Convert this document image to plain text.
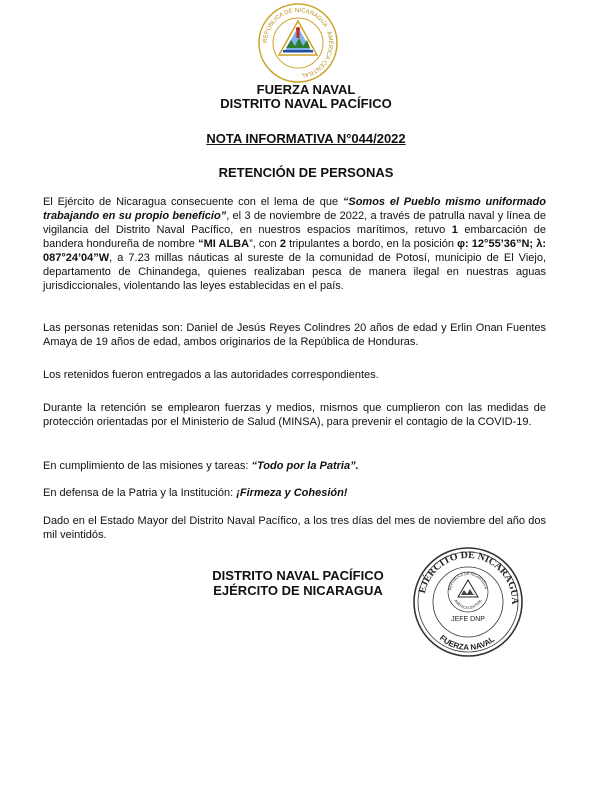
REPÚBLICA DE NICARAGUA · AMÉRICA CENTRAL ·
FUERZA NAVAL
DISTRITO NAVAL PACÍFICO
NOTA INFORMATIVA N°044/2022
RETENCIÓN DE PERSONAS
El Ejército de Nicaragua consecuente con el lema de que “Somos el Pueblo mismo uniformado trabajando en su propio beneficio”, el 3 de noviembre de 2022, a través de patrulla naval y línea de vigilancia del Distrito Naval Pacífico, en nuestros espacios marítimos, retuvo 1 embarcación de bandera hondureña de nombre “MI ALBA”, con 2 tripulantes a bordo, en la posición φ: 12°55’36”N; λ: 087°24’04”W, a 7.23 millas náuticas al sureste de la comunidad de Potosí, municipio de El Viejo, departamento de Chinandega, quienes realizaban pesca de manera ilegal en nuestras aguas jurisdiccionales, violentando las leyes establecidas en el país.
Las personas retenidas son: Daniel de Jesús Reyes Colindres 20 años de edad y Erlin Onan Fuentes Amaya de 19 años de edad, ambos originarios de la República de Honduras.
Los retenidos fueron entregados a las autoridades correspondientes.
Durante la retención se emplearon fuerzas y medios, mismos que cumplieron con las medidas de protección orientadas por el Ministerio de Salud (MINSA), para prevenir el contagio de la COVID-19.
En cumplimiento de las misiones y tareas: “Todo por la Patria”.
En defensa de la Patria y la Institución: ¡Firmeza y Cohesión!
Dado en el Estado Mayor del Distrito Naval Pacífico, a los tres días del mes de noviembre del año dos mil veintidós.
DISTRITO NAVAL PACÍFICO
EJÉRCITO DE NICARAGUA	EJÉRCITO DE NICARAGUA
FUERZA NAVAL
REPÚBLICA DE NICARAGUA
AMÉRICA CENTRAL
JEFE DNP
